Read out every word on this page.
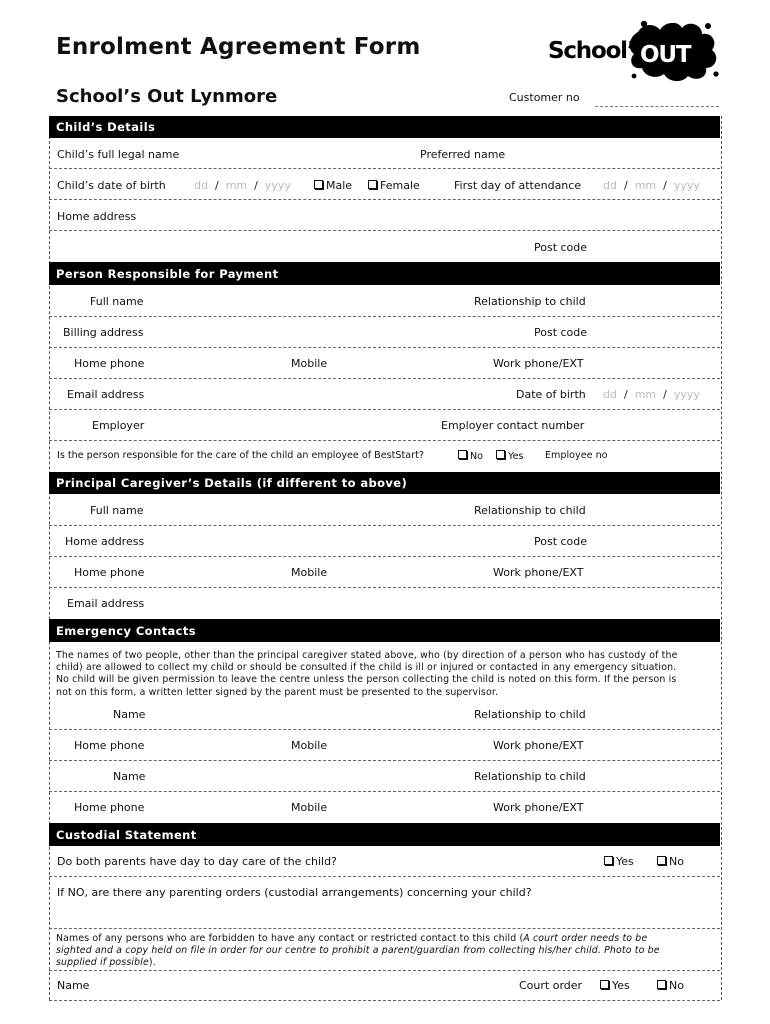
Enrolment Agreement Form
School’s Out Lynmore	Customer no
School’s
OUT
Child’s Details
Child’s full legal name	Preferred name
Child’s date of birth	dd / mm / yyyy	Male	Female	First day of attendance dd / mm / yyyy
Home address
Post code
Person Responsible for Payment
Full name	Relationship to child
Billing address	Post code
Home phone	Mobile	Work phone/EXT
Email address	Date of birth dd / mm / yyyy
Employer	Employer contact number
Is the person responsible for the care of the child an employee of BestStart?	No	Yes Employee no
Principal Caregiver’s Details (if different to above)
Full name	Relationship to child
Home address	Post code
Home phone	Mobile	Work phone/EXT
Email address
Emergency Contacts
The names of two people, other than the principal caregiver stated above, who (by direction of a person who has custody of the
child) are allowed to collect my child or should be consulted if the child is ill or injured or contacted in any emergency situation.
No child will be given permission to leave the centre unless the person collecting the child is noted on this form. If the person is
not on this form, a written letter signed by the parent must be presented to the supervisor.
Name	Relationship to child
Home phone	Mobile	Work phone/EXT
Name	Relationship to child
Home phone	Mobile	Work phone/EXT
Custodial Statement
Do both parents have day to day care of the child?	Yes	No
If NO, are there any parenting orders (custodial arrangements) concerning your child?
Names of any persons who are forbidden to have any contact or restricted contact to this child (A court order needs to be
sighted and a copy held on file in order for our centre to prohibit a parent/guardian from collecting his/her child. Photo to be
supplied if possible).
Name	Court order	Yes	No
